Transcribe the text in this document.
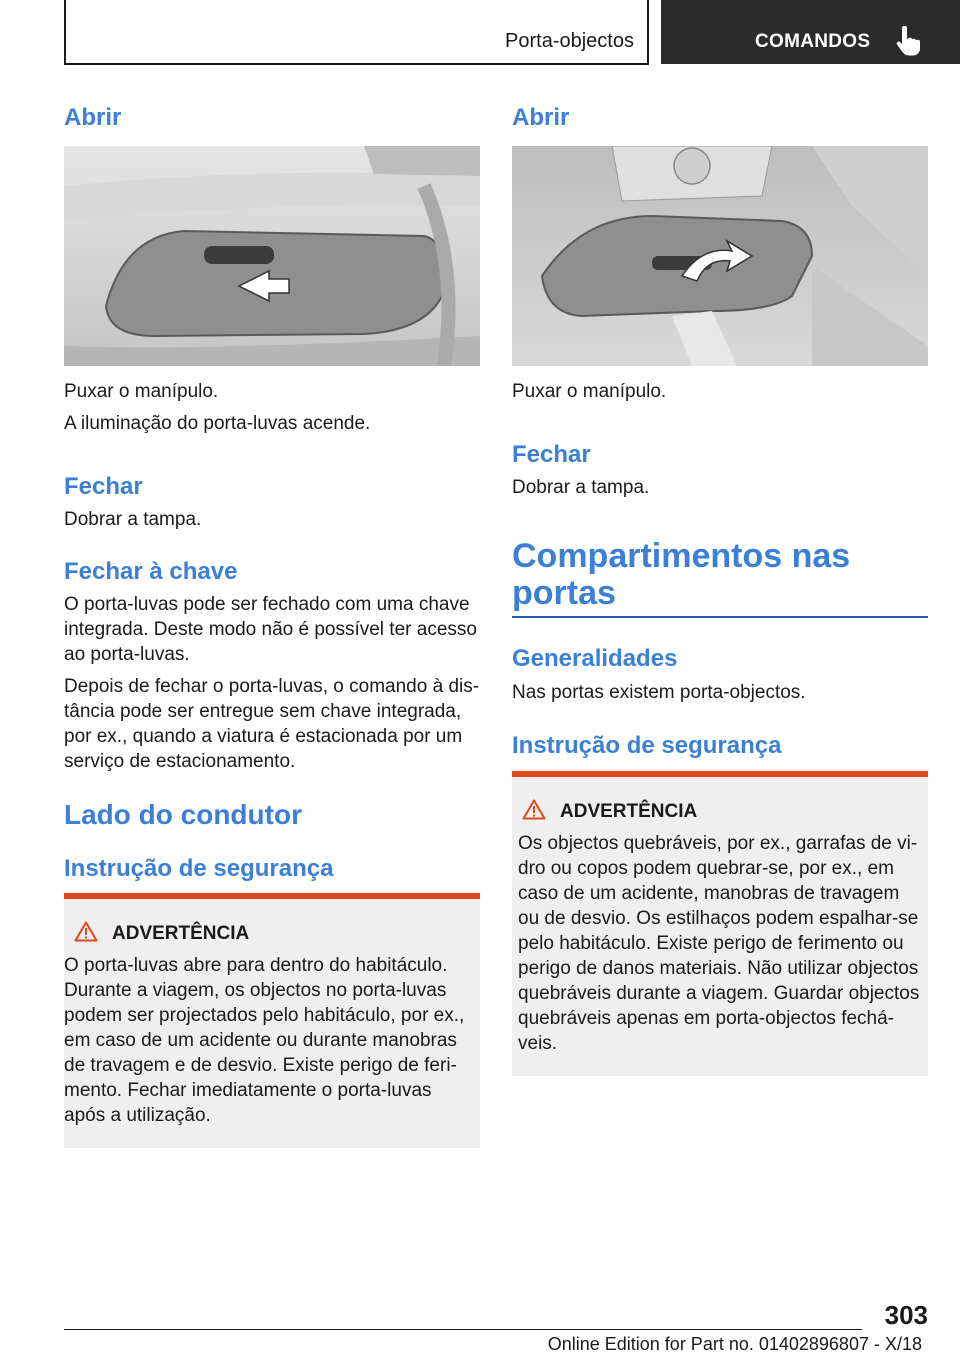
Porta-objectos	COMANDOS
Abrir
Puxar o manípulo.
A iluminação do porta-luvas acende.
Fechar
Dobrar a tampa.
Fechar à chave
O porta-luvas pode ser fechado com uma chave
integrada. Deste modo não é possível ter acesso
ao porta-luvas.
Depois de fechar o porta-luvas, o comando à dis-
tância pode ser entregue sem chave integrada,
por ex., quando a viatura é estacionada por um
serviço de estacionamento.
Lado do condutor
Instrução de segurança
ADVERTÊNCIA
O porta-luvas abre para dentro do habitáculo.
Durante a viagem, os objectos no porta-luvas
podem ser projectados pelo habitáculo, por ex.,
em caso de um acidente ou durante manobras
de travagem e de desvio. Existe perigo de feri-
mento. Fechar imediatamente o porta-luvas
após a utilização.
Abrir
Puxar o manípulo.
Fechar
Dobrar a tampa.
Compartimentos nas
portas
Generalidades
Nas portas existem porta-objectos.
Instrução de segurança
ADVERTÊNCIA
Os objectos quebráveis, por ex., garrafas de vi-
dro ou copos podem quebrar-se, por ex., em
caso de um acidente, manobras de travagem
ou de desvio. Os estilhaços podem espalhar-se
pelo habitáculo. Existe perigo de ferimento ou
perigo de danos materiais. Não utilizar objectos
quebráveis durante a viagem. Guardar objectos
quebráveis apenas em porta-objectos fechá-
veis.
303
Online Edition for Part no. 01402896807 - X/18
